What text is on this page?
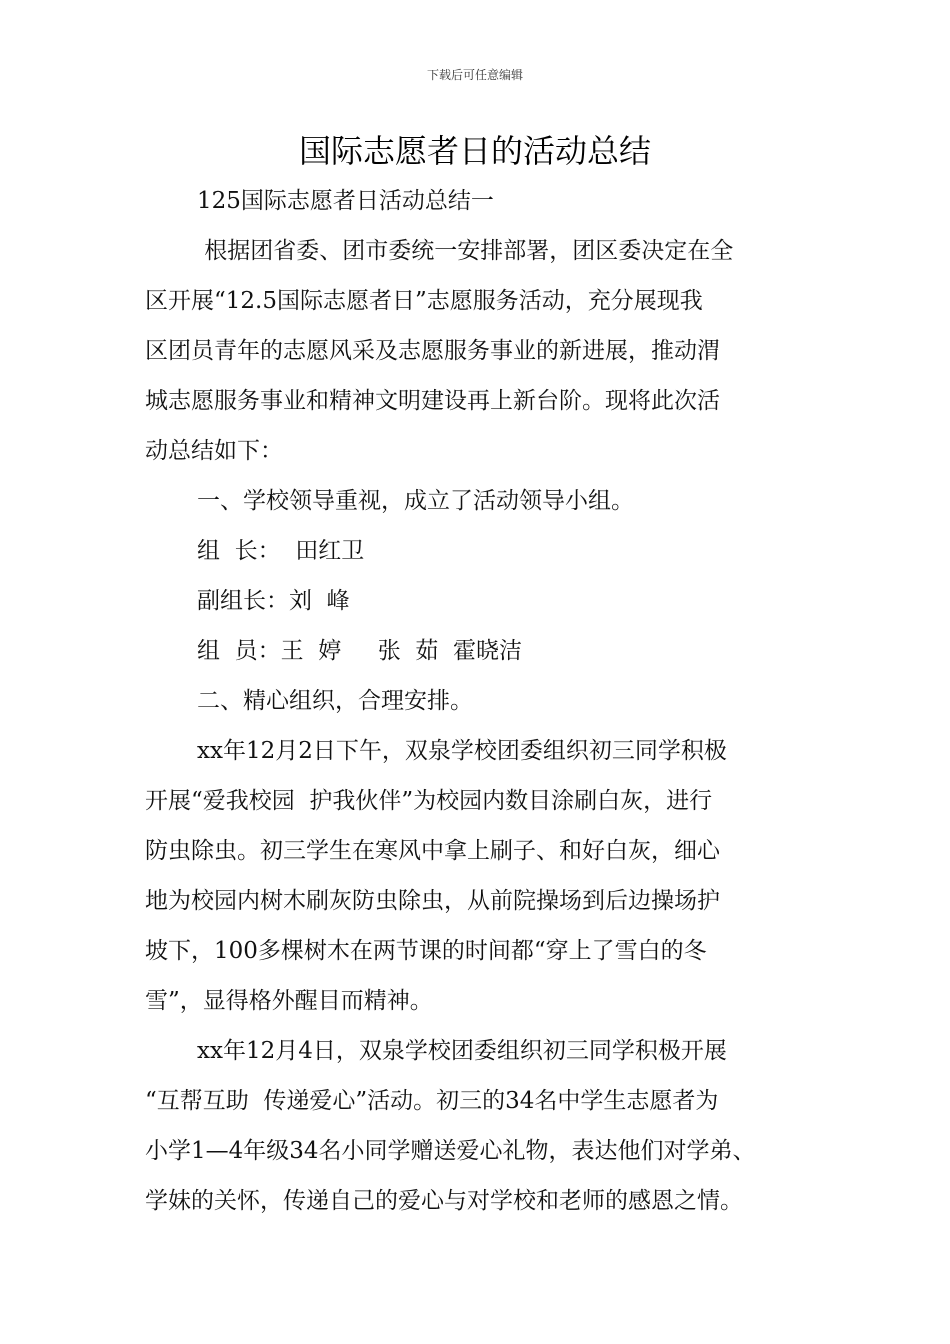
下载后可任意编辑
国际志愿者日的活动总结
125国际志愿者日活动总结一
根据团省委、团市委统一安排部署，团区委决定在全
区开展“12.5国际志愿者日”志愿服务活动，充分展现我
区团员青年的志愿风采及志愿服务事业的新进展，推动渭
城志愿服务事业和精神文明建设再上新台阶。现将此次活
动总结如下：
一、学校领导重视，成立了活动领导小组。
组  长：  田红卫
副组长：刘  峰
组  员：王  婷     张  茹  霍晓洁
二、精心组织，合理安排。
xx年12月2日下午，双泉学校团委组织初三同学积极
开展“爱我校园  护我伙伴”为校园内数目涂刷白灰，进行
防虫除虫。初三学生在寒风中拿上刷子、和好白灰，细心
地为校园内树木刷灰防虫除虫，从前院操场到后边操场护
坡下，100多棵树木在两节课的时间都“穿上了雪白的冬
雪”，显得格外醒目而精神。
xx年12月4日，双泉学校团委组织初三同学积极开展
“互帮互助  传递爱心”活动。初三的34名中学生志愿者为
小学1—4年级34名小同学赠送爱心礼物，表达他们对学弟、
学妹的关怀，传递自己的爱心与对学校和老师的感恩之情。
